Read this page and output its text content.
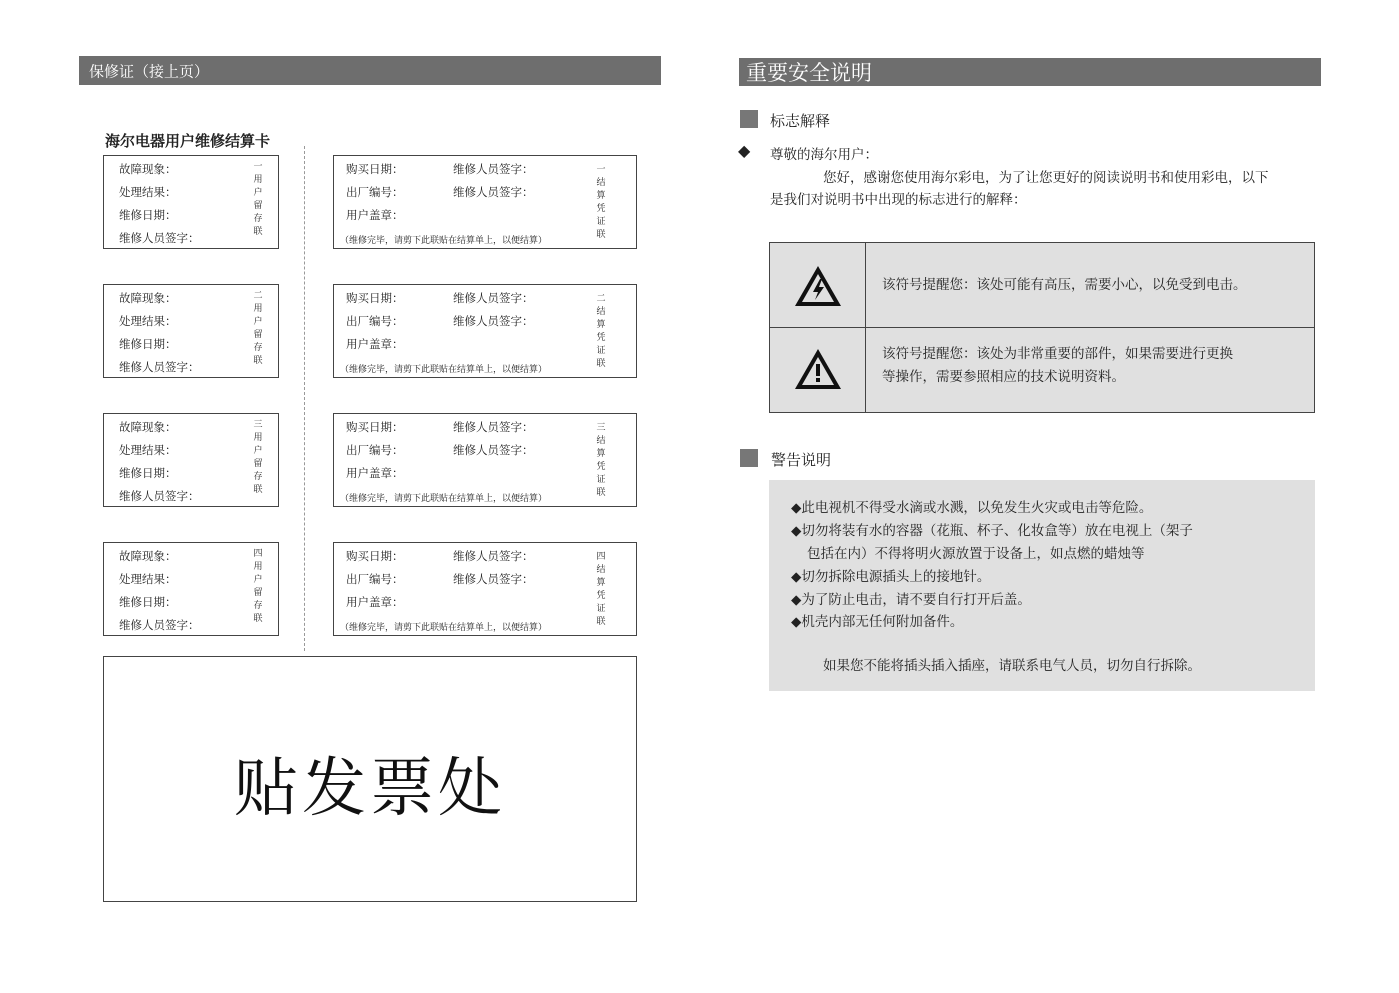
保修证（接上页）
海尔电器用户维修结算卡
故障现象：
处理结果：
维修日期：
维修人员签字：
一
用
户
留
存
联
购买日期：	维修人员签字：
出厂编号：	维修人员签字：
用户盖章：
（维修完毕，请剪下此联贴在结算单上，以便结算）
一
结
算
凭
证
联
故障现象：
处理结果：
维修日期：
维修人员签字：
二
用
户
留
存
联
购买日期：	维修人员签字：
出厂编号：	维修人员签字：
用户盖章：
（维修完毕，请剪下此联贴在结算单上，以便结算）
二
结
算
凭
证
联
故障现象：
处理结果：
维修日期：
维修人员签字：
三
用
户
留
存
联
购买日期：	维修人员签字：
出厂编号：	维修人员签字：
用户盖章：
（维修完毕，请剪下此联贴在结算单上，以便结算）
三
结
算
凭
证
联
故障现象：
处理结果：
维修日期：
维修人员签字：
四
用
户
留
存
联
购买日期：	维修人员签字：
出厂编号：	维修人员签字：
用户盖章：
（维修完毕，请剪下此联贴在结算单上，以便结算）
四
结
算
凭
证
联
贴发票处
重要安全说明
标志解释
◆ 尊敬的海尔用户：
您好，感谢您使用海尔彩电，为了让您更好的阅读说明书和使用彩电，以下
是我们对说明书中出现的标志进行的解释：
该符号提醒您：该处可能有高压，需要小心，以免受到电击。
该符号提醒您：该处为非常重要的部件，如果需要进行更换
等操作，需要参照相应的技术说明资料。
警告说明
◆此电视机不得受水滴或水溅，以免发生火灾或电击等危险。
◆切勿将装有水的容器（花瓶、杯子、化妆盒等）放在电视上（架子
包括在内）不得将明火源放置于设备上，如点燃的蜡烛等
◆切勿拆除电源插头上的接地针。
◆为了防止电击，请不要自行打开后盖。
◆机壳内部无任何附加备件。
如果您不能将插头插入插座，请联系电气人员，切勿自行拆除。
